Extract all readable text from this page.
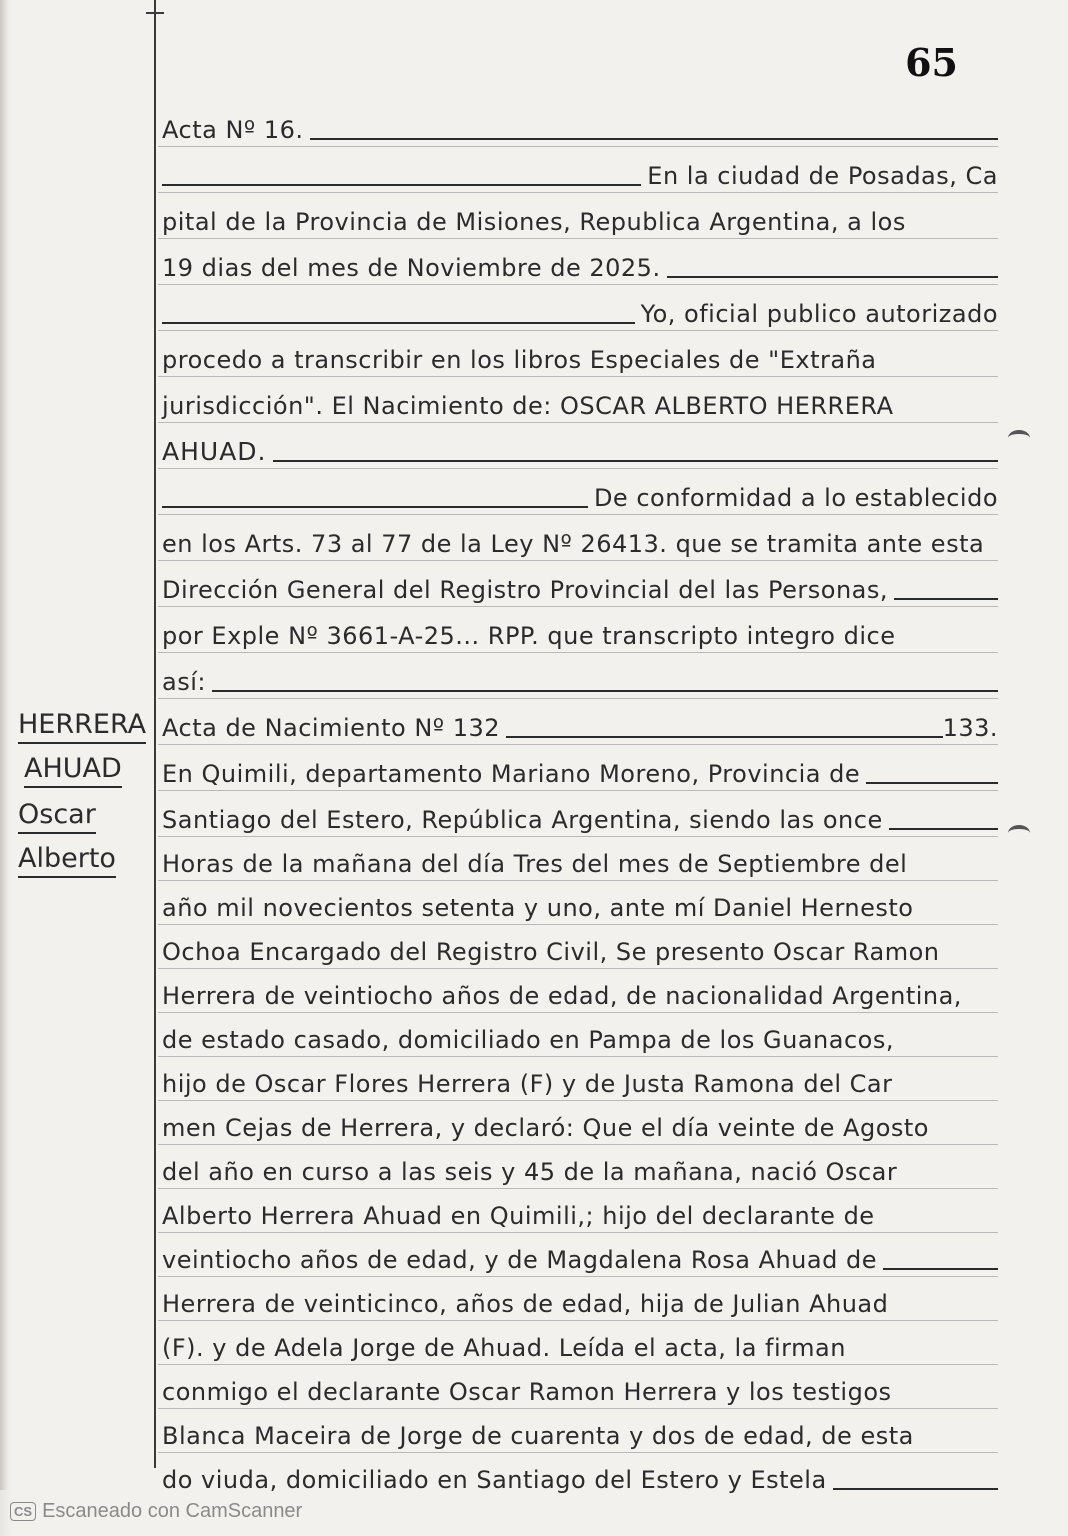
65
Acta Nº 16.
En la ciudad de Posadas, Ca
pital de la Provincia de Misiones, Republica Argentina, a los
19 dias del mes de Noviembre de 2025.
Yo, oficial publico autorizado
procedo a transcribir en los libros Especiales de "Extraña
jurisdicción". El Nacimiento de: OSCAR ALBERTO HERRERA
AHUAD.
De conformidad a lo establecido
en los Arts. 73 al 77 de la Ley Nº 26413. que se tramita ante esta
Dirección General del Registro Provincial del las Personas,
por Exple Nº 3661-A-25... RPP. que transcripto integro dice
así:
Acta de Nacimiento Nº 132	133.
En Quimili, departamento Mariano Moreno, Provincia de
Santiago del Estero, República Argentina, siendo las once
Horas de la mañana del día Tres del mes de Septiembre del
año mil novecientos setenta y uno, ante mí Daniel Hernesto
Ochoa Encargado del Registro Civil, Se presento Oscar Ramon
Herrera de veintiocho años de edad, de nacionalidad Argentina,
de estado casado, domiciliado en Pampa de los Guanacos,
hijo de Oscar Flores Herrera (F) y de Justa Ramona del Car
men Cejas de Herrera, y declaró: Que el día veinte de Agosto
del año en curso a las seis y 45 de la mañana, nació Oscar
Alberto Herrera Ahuad en Quimili,; hijo del declarante de
veintiocho años de edad, y de Magdalena Rosa Ahuad de
Herrera de veinticinco, años de edad, hija de Julian Ahuad
(F). y de Adela Jorge de Ahuad. Leída el acta, la firman
conmigo el declarante Oscar Ramon Herrera y los testigos
Blanca Maceira de Jorge de cuarenta y dos de edad, de esta
do viuda, domiciliado en Santiago del Estero y Estela
HERRERA
AHUAD
Oscar
Alberto
CS Escaneado con CamScanner
